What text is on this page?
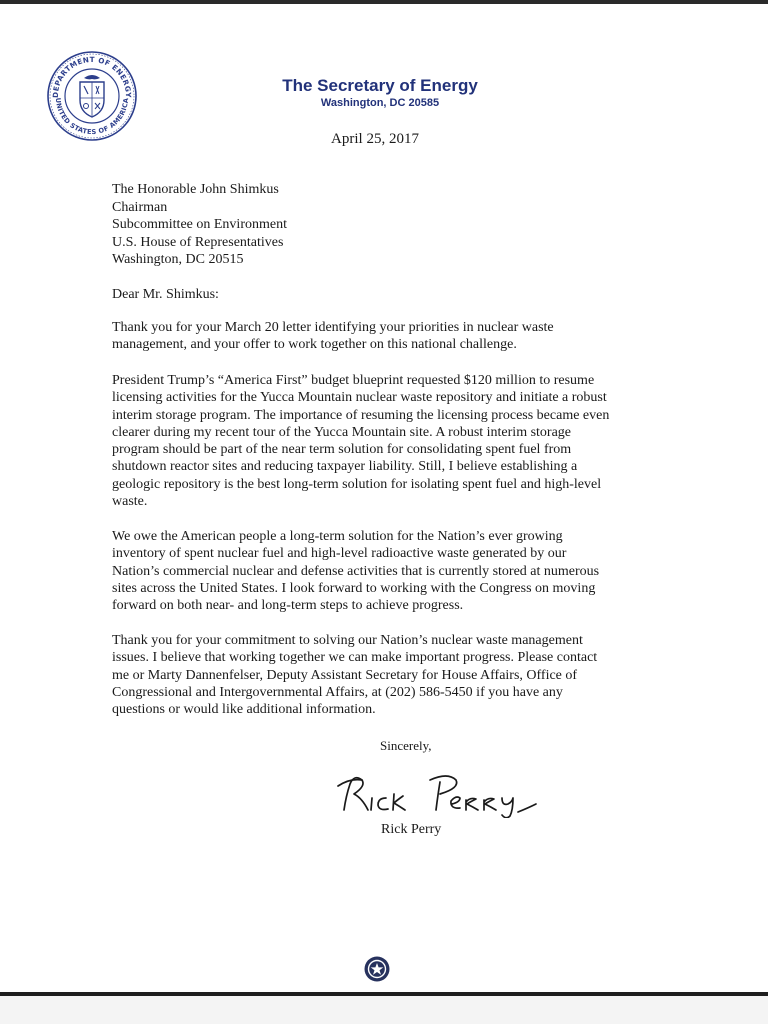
DEPARTMENT OF ENERGY
UNITED STATES OF AMERICA
The Secretary of Energy
Washington, DC 20585
April 25, 2017
The Honorable John Shimkus
Chairman
Subcommittee on Environment
U.S. House of Representatives
Washington, DC 20515
Dear Mr. Shimkus:
Thank you for your March 20 letter identifying your priorities in nuclear waste
management, and your offer to work together on this national challenge.
President Trump’s “America First” budget blueprint requested $120 million to resume
licensing activities for the Yucca Mountain nuclear waste repository and initiate a robust
interim storage program. The importance of resuming the licensing process became even
clearer during my recent tour of the Yucca Mountain site. A robust interim storage
program should be part of the near term solution for consolidating spent fuel from
shutdown reactor sites and reducing taxpayer liability. Still, I believe establishing a
geologic repository is the best long-term solution for isolating spent fuel and high-level
waste.
We owe the American people a long-term solution for the Nation’s ever growing
inventory of spent nuclear fuel and high-level radioactive waste generated by our
Nation’s commercial nuclear and defense activities that is currently stored at numerous
sites across the United States. I look forward to working with the Congress on moving
forward on both near- and long-term steps to achieve progress.
Thank you for your commitment to solving our Nation’s nuclear waste management
issues. I believe that working together we can make important progress. Please contact
me or Marty Dannenfelser, Deputy Assistant Secretary for House Affairs, Office of
Congressional and Intergovernmental Affairs, at (202) 586-5450 if you have any
questions or would like additional information.
Sincerely,
Rick Perry
